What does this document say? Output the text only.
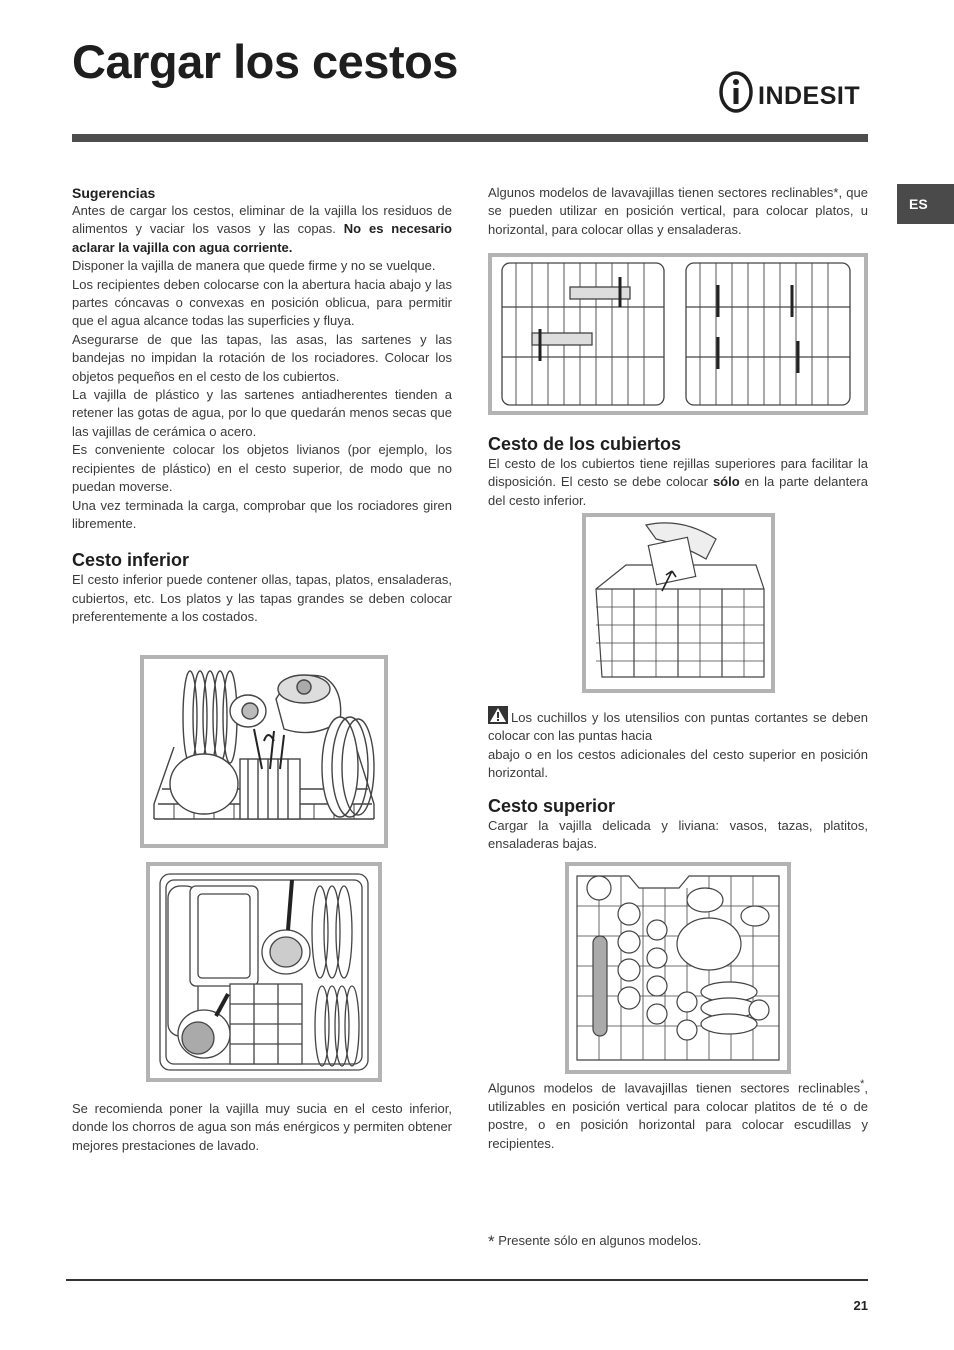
Cargar los cestos
INDESIT
ES
Sugerencias

Antes de cargar los cestos, eliminar de la vajilla los residuos de alimentos y vaciar los vasos y las copas. No es necesario aclarar la vajilla con agua corriente.

Disponer la vajilla de manera que quede firme y no se vuelque.

Los recipientes deben colocarse con la abertura hacia abajo y las partes cóncavas o convexas en posición oblicua, para permitir que el agua alcance todas las superficies y fluya.

Asegurarse de que las tapas, las asas, las sartenes y las bandejas no impidan la rotación de los rociadores. Colocar los objetos pequeños en el cesto de los cubiertos.

La vajilla de plástico y las sartenes antiadherentes tienden a retener las gotas de agua, por lo que quedarán menos secas que las vajillas de cerámica o acero.

Es conveniente colocar los objetos livianos (por ejemplo, los recipientes de plástico) en el cesto superior, de modo que no puedan moverse.

Una vez terminada la carga, comprobar que los rociadores giren libremente.

Cesto inferior

El cesto inferior puede contener ollas, tapas, platos, ensaladeras, cubiertos, etc. Los platos y las tapas grandes se deben colocar preferentemente a los costados.

Se recomienda poner la vajilla muy sucia en el cesto inferior, donde los chorros de agua son más enérgicos y permiten obtener mejores prestaciones de lavado.

Algunos modelos de lavavajillas tienen sectores reclinables*, que se pueden utilizar en posición vertical, para colocar platos, u horizontal, para colocar ollas y ensaladeras.

Cesto de los cubiertos

El cesto de los cubiertos tiene rejillas superiores para facilitar la disposición. El cesto se debe colocar sólo en la parte delantera del cesto inferior.

Los cuchillos y los utensilios con puntas cortantes se deben colocar con las puntas hacia
abajo o en los cestos adicionales del cesto superior en posición horizontal.

Cesto superior

Cargar la vajilla delicada y liviana: vasos, tazas, platitos, ensaladeras bajas.

Algunos modelos de lavavajillas tienen sectores reclinables*, utilizables en posición vertical para colocar platitos de té o de postre, o en posición horizontal para colocar escudillas y recipientes.

* Presente sólo en algunos modelos.

21
